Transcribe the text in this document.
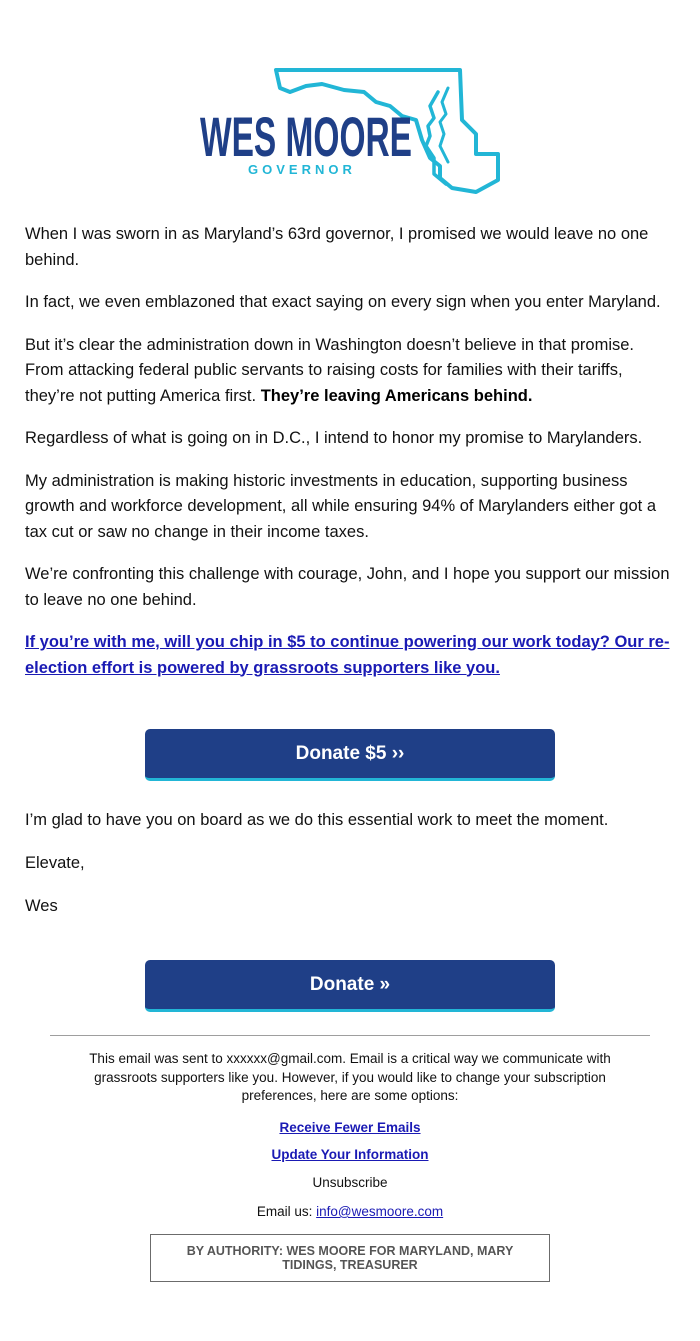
WES MOORE
GOVERNOR

When I was sworn in as Maryland’s 63rd governor, I promised we would leave no one behind.

In fact, we even emblazoned that exact saying on every sign when you enter Maryland.

But it’s clear the administration down in Washington doesn’t believe in that promise. From attacking federal public servants to raising costs for families with their tariffs, they’re not putting America first. They’re leaving Americans behind.

Regardless of what is going on in D.C., I intend to honor my promise to Marylanders.

My administration is making historic investments in education, supporting business growth and workforce development, all while ensuring 94% of Marylanders either got a tax cut or saw no change in their income taxes.

We’re confronting this challenge with courage, John, and I hope you support our mission to leave no one behind.

If you’re with me, will you chip in $5 to continue powering our work today? Our re-election effort is powered by grassroots supporters like you.

Donate $5 ››

I’m glad to have you on board as we do this essential work to meet the moment.

Elevate,

Wes

Donate »
This email was sent to xxxxxx@gmail.com. Email is a critical way we communicate with grassroots supporters like you. However, if you would like to change your subscription preferences, here are some options:
Receive Fewer Emails
Update Your Information
Unsubscribe
Email us: info@wesmoore.com
BY AUTHORITY: WES MOORE FOR MARYLAND, MARY TIDINGS, TREASURER
